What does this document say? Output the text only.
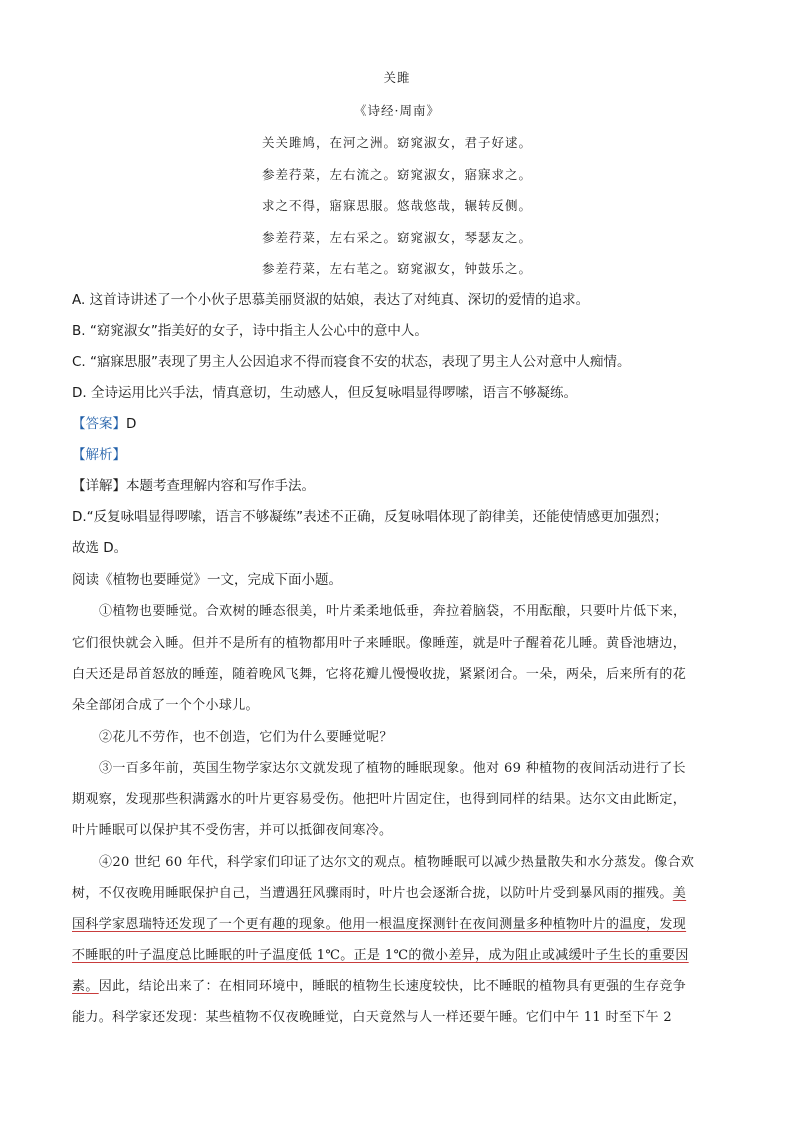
关雎
《诗经·周南》
关关雎鸠，在河之洲。窈窕淑女，君子好逑。
参差荇菜，左右流之。窈窕淑女，寤寐求之。
求之不得，寤寐思服。悠哉悠哉，辗转反侧。
参差荇菜，左右采之。窈窕淑女，琴瑟友之。
参差荇菜，左右芼之。窈窕淑女，钟鼓乐之。
A. 这首诗讲述了一个小伙子思慕美丽贤淑的姑娘，表达了对纯真、深切的爱情的追求。
B. “窈窕淑女”指美好的女子，诗中指主人公心中的意中人。
C. “寤寐思服”表现了男主人公因追求不得而寝食不安的状态，表现了男主人公对意中人痴情。
D. 全诗运用比兴手法，情真意切，生动感人，但反复咏唱显得啰嗦，语言不够凝练。
【答案】D
【解析】
【详解】本题考查理解内容和写作手法。
D.“反复咏唱显得啰嗦，语言不够凝练”表述不正确，反复咏唱体现了韵律美，还能使情感更加强烈；
故选 D。
阅读《植物也要睡觉》一文，完成下面小题。
①植物也要睡觉。合欢树的睡态很美，叶片柔柔地低垂，奔拉着脑袋，不用酝酿，只要叶片低下来，
它们很快就会入睡。但并不是所有的植物都用叶子来睡眠。像睡莲，就是叶子醒着花儿睡。黄昏池塘边，
白天还是昂首怒放的睡莲，随着晚风飞舞，它将花瓣儿慢慢收拢，紧紧闭合。一朵，两朵，后来所有的花
朵全部闭合成了一个个小球儿。
②花儿不劳作，也不创造，它们为什么要睡觉呢？
③一百多年前，英国生物学家达尔文就发现了植物的睡眠现象。他对 69 种植物的夜间活动进行了长
期观察，发现那些积满露水的叶片更容易受伤。他把叶片固定住，也得到同样的结果。达尔文由此断定，
叶片睡眠可以保护其不受伤害，并可以抵御夜间寒冷。
④20 世纪 60 年代，科学家们印证了达尔文的观点。植物睡眠可以减少热量散失和水分蒸发。像合欢
树，不仅夜晚用睡眠保护自己，当遭遇狂风骤雨时，叶片也会逐渐合拢，以防叶片受到暴风雨的摧残。美
国科学家恩瑞特还发现了一个更有趣的现象。他用一根温度探测针在夜间测量多种植物叶片的温度，发现
不睡眠的叶子温度总比睡眠的叶子温度低 1℃。正是 1℃的微小差异，成为阻止或减缓叶子生长的重要因
素。因此，结论出来了：在相同环境中，睡眠的植物生长速度较快，比不睡眠的植物具有更强的生存竞争
能力。科学家还发现：某些植物不仅夜晚睡觉，白天竟然与人一样还要午睡。它们中午 11 时至下午 2
